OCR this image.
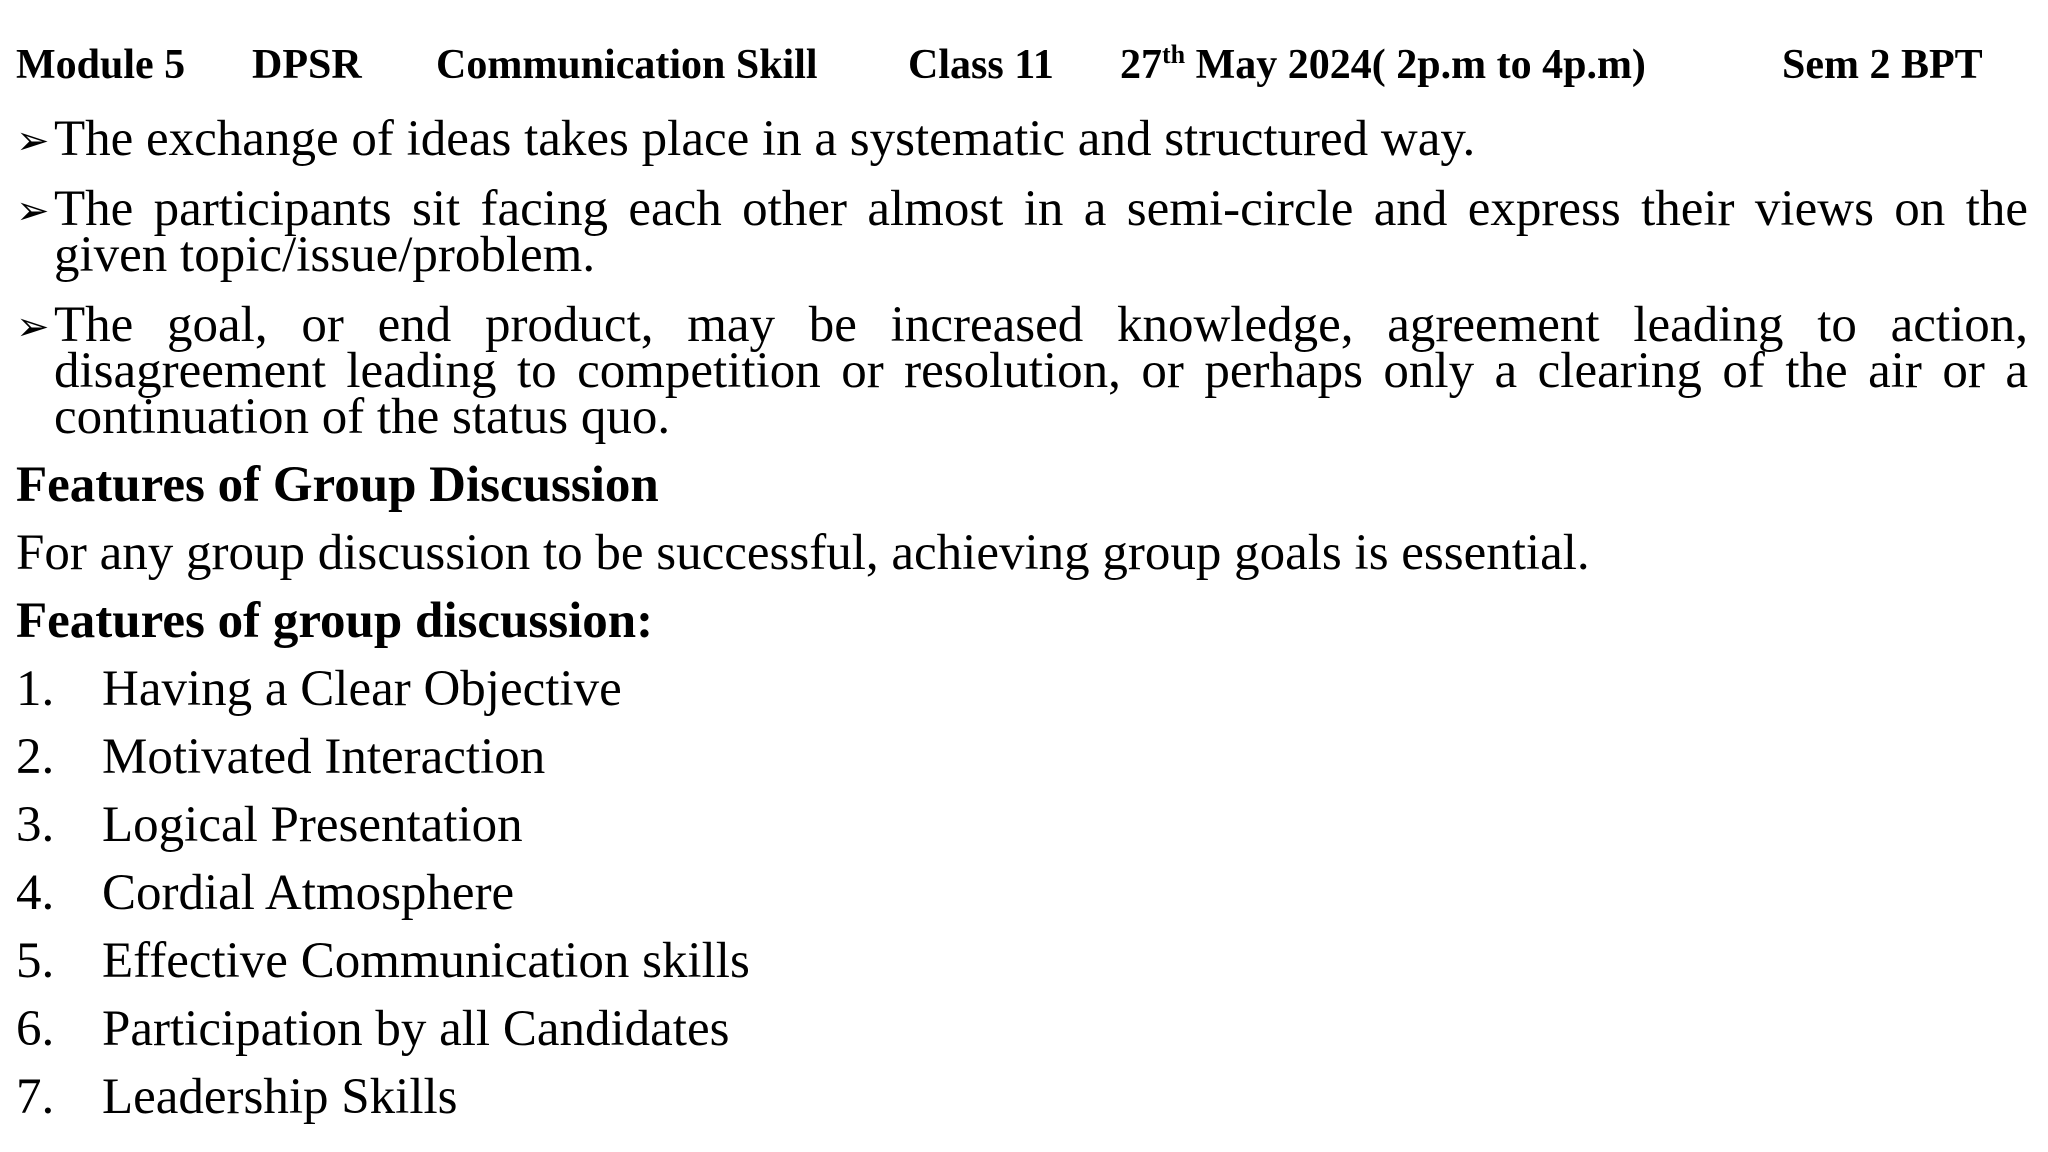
Module 5 DPSR Communication Skill Class 11 27th May 2024( 2p.m to 4p.m)	Sem 2 BPT
➢ The exchange of ideas takes place in a systematic and structured way.
➢ The participants sit facing each other almost in a semi-circle and express their views on the given topic/issue/problem.
➢ The goal, or end product, may be increased knowledge, agreement leading to action, disagreement leading to competition or resolution, or perhaps only a clearing of the air or a continuation of the status quo.
Features of Group Discussion
For any group discussion to be successful, achieving group goals is essential.
Features of group discussion:
1. Having a Clear Objective
2. Motivated Interaction
3. Logical Presentation
4. Cordial Atmosphere
5. Effective Communication skills
6. Participation by all Candidates
7. Leadership Skills
